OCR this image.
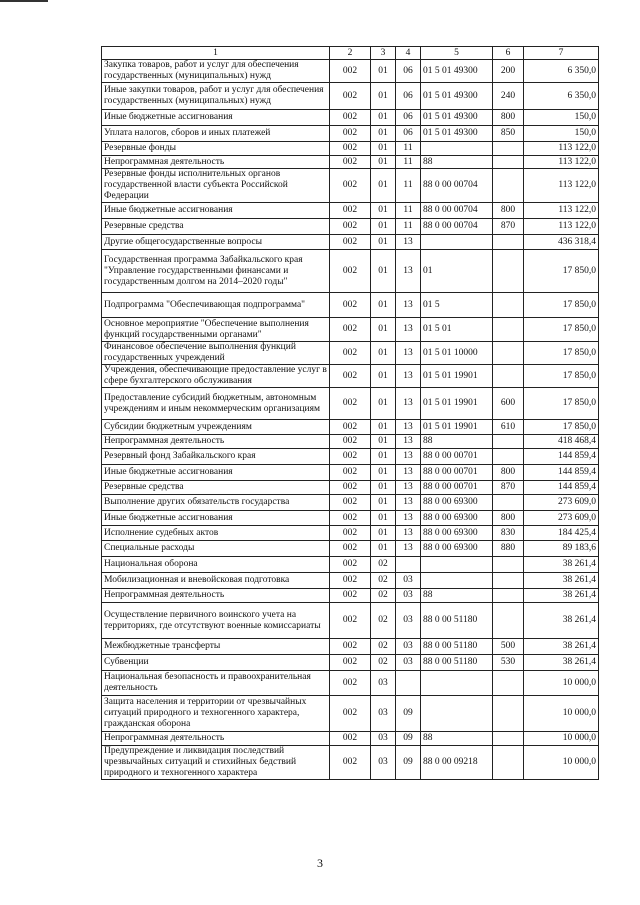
1	2	3	4	5	6	7
Закупка товаров, работ и услуг для обеспечения государственных (муниципальных) нужд	002	01	06	01 5 01 49300	200	6 350,0
Иные закупки товаров, работ и услуг для обеспечения государственных (муниципальных) нужд	002	01	06	01 5 01 49300	240	6 350,0
Иные бюджетные ассигнования	002	01	06	01 5 01 49300	800	150,0
Уплата налогов, сборов и иных платежей	002	01	06	01 5 01 49300	850	150,0
Резервные фонды	002	01	11			113 122,0
Непрограммная деятельность	002	01	11	88		113 122,0
Резервные фонды исполнительных органов государственной власти субъекта Российской Федерации	002	01	11	88 0 00 00704		113 122,0
Иные бюджетные ассигнования	002	01	11	88 0 00 00704	800	113 122,0
Резервные средства	002	01	11	88 0 00 00704	870	113 122,0
Другие общегосударственные вопросы	002	01	13			436 318,4
Государственная программа Забайкальского края "Управление государственными финансами и государственным долгом на 2014–2020 годы"	002	01	13	01		17 850,0
Подпрограмма "Обеспечивающая подпрограмма"	002	01	13	01 5		17 850,0
Основное мероприятие "Обеспечение выполнения функций государственными органами"	002	01	13	01 5 01		17 850,0
Финансовое обеспечение выполнения функций государственных учреждений	002	01	13	01 5 01 10000		17 850,0
Учреждения, обеспечивающие предоставление услуг в сфере бухгалтерского обслуживания	002	01	13	01 5 01 19901		17 850,0
Предоставление субсидий бюджетным, автономным учреждениям и иным некоммерческим организациям	002	01	13	01 5 01 19901	600	17 850,0
Субсидии бюджетным учреждениям	002	01	13	01 5 01 19901	610	17 850,0
Непрограммная деятельность	002	01	13	88		418 468,4
Резервный фонд Забайкальского края	002	01	13	88 0 00 00701		144 859,4
Иные бюджетные ассигнования	002	01	13	88 0 00 00701	800	144 859,4
Резервные средства	002	01	13	88 0 00 00701	870	144 859,4
Выполнение других обязательств государства	002	01	13	88 0 00 69300		273 609,0
Иные бюджетные ассигнования	002	01	13	88 0 00 69300	800	273 609,0
Исполнение судебных актов	002	01	13	88 0 00 69300	830	184 425,4
Специальные расходы	002	01	13	88 0 00 69300	880	89 183,6
Национальная оборона	002	02				38 261,4
Мобилизационная и вневойсковая подготовка	002	02	03			38 261,4
Непрограммная деятельность	002	02	03	88		38 261,4
Осуществление первичного воинского учета на территориях, где отсутствуют военные комиссариаты	002	02	03	88 0 00 51180		38 261,4
Межбюджетные трансферты	002	02	03	88 0 00 51180	500	38 261,4
Субвенции	002	02	03	88 0 00 51180	530	38 261,4
Национальная безопасность и правоохранительная деятельность	002	03				10 000,0
Защита населения и территории от чрезвычайных ситуаций природного и техногенного характера, гражданская оборона	002	03	09			10 000,0
Непрограммная деятельность	002	03	09	88		10 000,0
Предупреждение и ликвидация последствий чрезвычайных ситуаций и стихийных бедствий природного и техногенного характера	002	03	09	88 0 00 09218		10 000,0
3
